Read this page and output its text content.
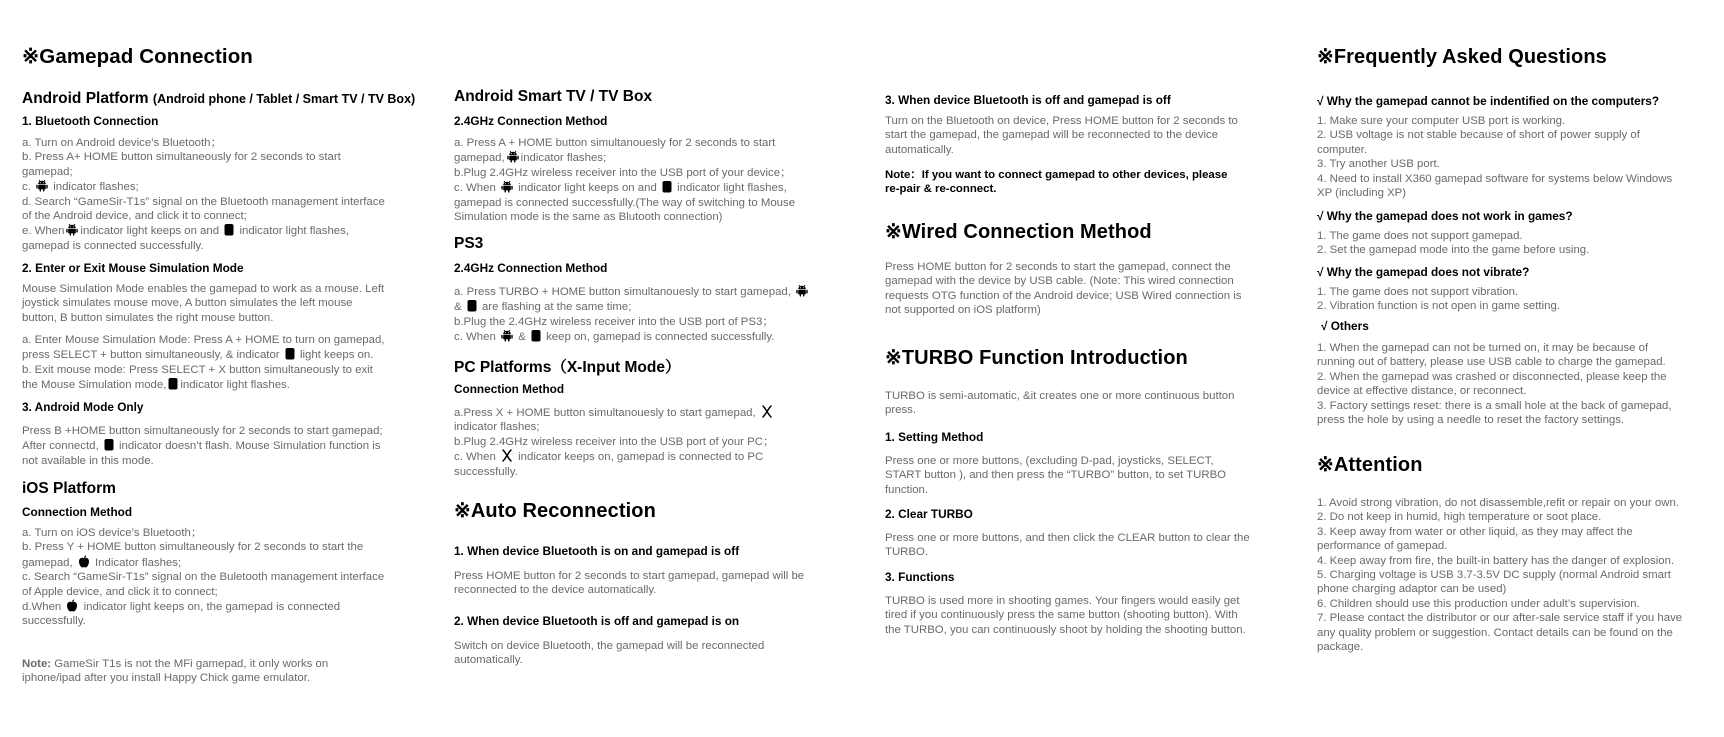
※Gamepad Connection
Android Platform (Android phone / Tablet / Smart TV / TV Box)
1. Bluetooth Connection
a. Turn on Android device’s Bluetooth；
b. Press A+ HOME button simultaneously for 2 seconds to start
gamepad;
c. indicator flashes;
d. Search “GameSir-T1s” signal on the Bluetooth management interface
of the Android device, and click it to connect;
e. When indicator light keeps on and indicator light flashes,
gamepad is connected successfully.
2. Enter or Exit Mouse Simulation Mode
Mouse Simulation Mode enables the gamepad to work as a mouse. Left
joystick simulates mouse move, A button simulates the left mouse
button, B button simulates the right mouse button.
a. Enter Mouse Simulation Mode: Press A + HOME to turn on gamepad,
press SELECT + button simultaneously, & indicator light keeps on.
b. Exit mouse mode: Press SELECT + X button simultaneously to exit
the Mouse Simulation mode, indicator light flashes.
3. Android Mode Only
Press B +HOME button simultaneously for 2 seconds to start gamepad;
After connectd, indicator doesn’t flash. Mouse Simulation function is
not available in this mode.
iOS Platform
Connection Method
a. Turn on iOS device’s Bluetooth；
b. Press Y + HOME button simultaneously for 2 seconds to start the
gamepad, Indicator flashes;
c. Search “GameSir-T1s” signal on the Buletooth management interface
of Apple device, and click it to connect;
d.When indicator light keeps on, the gamepad is connected
successfully.
Note: GameSir T1s is not the MFi gamepad, it only works on
iphone/ipad after you install Happy Chick game emulator.
Android Smart TV / TV Box
2.4GHz Connection Method
a. Press A + HOME button simultanouesly for 2 seconds to start
gamepad, indicator flashes;
b.Plug 2.4GHz wireless receiver into the USB port of your device；
c. When indicator light keeps on and indicator light flashes,
gamepad is connected successfully.(The way of switching to Mouse
Simulation mode is the same as Blutooth connection)
PS3
2.4GHz Connection Method
a. Press TURBO + HOME button simultanouesly to start gamepad,
& are flashing at the same time;
b.Plug the 2.4GHz wireless receiver into the USB port of PS3；
c. When & keep on, gamepad is connected successfully.
PC Platforms（X-Input Mode）
Connection Method
a.Press X + HOME button simultanouesly to start gamepad,
indicator flashes;
b.Plug 2.4GHz wireless receiver into the USB port of your PC；
c. When indicator keeps on, gamepad is connected to PC
successfully.
※Auto Reconnection
1. When device Bluetooth is on and gamepad is off
Press HOME button for 2 seconds to start gamepad, gamepad will be
reconnected to the device automatically.
2. When device Bluetooth is off and gamepad is on
Switch on device Bluetooth, the gamepad will be reconnected
automatically.
3. When device Bluetooth is off and gamepad is off
Turn on the Bluetooth on device, Press HOME button for 2 seconds to
start the gamepad, the gamepad will be reconnected to the device
automatically.
Note：If you want to connect gamepad to other devices, please
re-pair & re-connect.
※Wired Connection Method
Press HOME button for 2 seconds to start the gamepad, connect the
gamepad with the device by USB cable. (Note: This wired connection
requests OTG function of the Android device; USB Wired connection is
not supported on iOS platform)
※TURBO Function Introduction
TURBO is semi-automatic, &it creates one or more continuous button
press.
1. Setting Method
Press one or more buttons, (excluding D-pad, joysticks, SELECT,
START button ), and then press the “TURBO” button, to set TURBO
function.
2. Clear TURBO
Press one or more buttons, and then click the CLEAR button to clear the
TURBO.
3. Functions
TURBO is used more in shooting games. Your fingers would easily get
tired if you continuously press the same button (shooting button). With
the TURBO, you can continuously shoot by holding the shooting button.
※Frequently Asked Questions
√ Why the gamepad cannot be indentified on the computers?
1. Make sure your computer USB port is working.
2. USB voltage is not stable because of short of power supply of
computer.
3. Try another USB port.
4. Need to install X360 gamepad software for systems below Windows
XP (including XP)
√ Why the gamepad does not work in games?
1. The game does not support gamepad.
2. Set the gamepad mode into the game before using.
√ Why the gamepad does not vibrate?
1. The game does not support vibration.
2. Vibration function is not open in game setting.
√ Others
1. When the gamepad can not be turned on, it may be because of
running out of battery, please use USB cable to charge the gamepad.
2. When the gamepad was crashed or disconnected, please keep the
device at effective distance, or reconnect.
3. Factory settings reset: there is a small hole at the back of gamepad,
press the hole by using a needle to reset the factory settings.
※Attention
1. Avoid strong vibration, do not disassemble,refit or repair on your own.
2. Do not keep in humid, high temperature or soot place.
3. Keep away from water or other liquid, as they may affect the
performance of gamepad.
4. Keep away from fire, the built-in battery has the danger of explosion.
5. Charging voltage is USB 3.7-3.5V DC supply (normal Android smart
phone charging adaptor can be used)
6. Children should use this production under adult’s supervision.
7. Please contact the distributor or our after-sale service staff if you have
any quality problem or suggestion. Contact details can be found on the
package.
